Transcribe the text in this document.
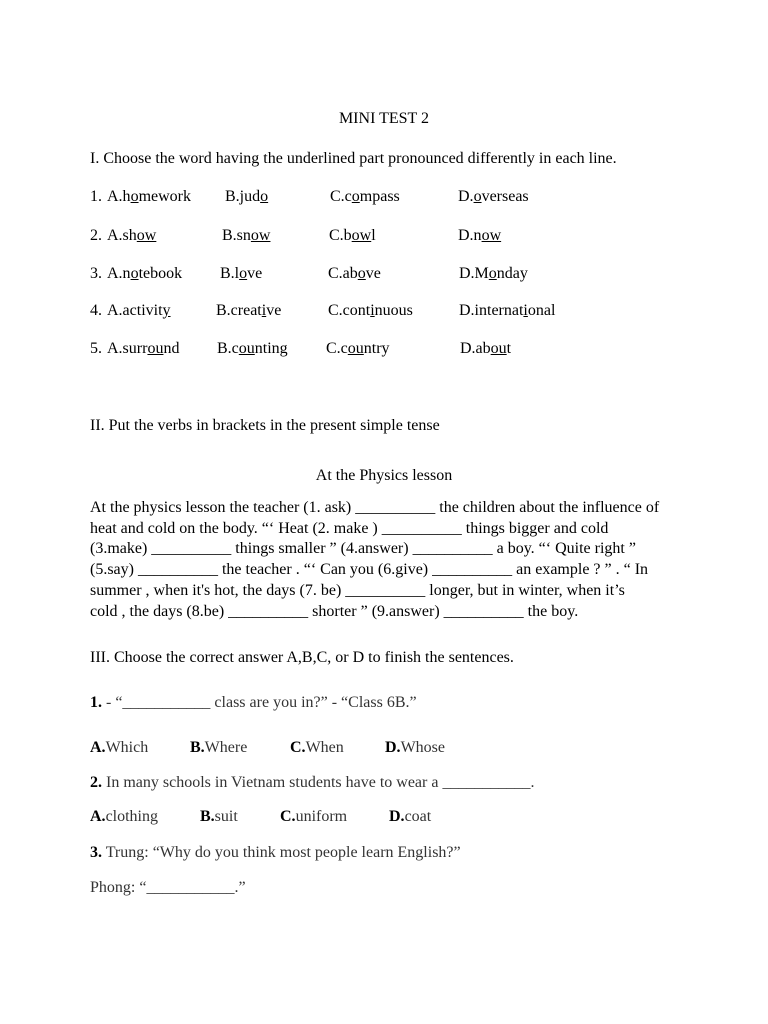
MINI TEST 2
I. Choose the word having the underlined part pronounced differently in each line.
1. A.homework B.judo	C.compass	D.overseas
2. A.show	B.snow	C.bowl	D.now
3. A.notebook B.love	C.above	D.Monday
4. A.activity	B.creative	C.continuous	D.international
5. A.surround B.counting C.country	D.about
II. Put the verbs in brackets in the present simple tense
At the Physics lesson
At the physics lesson the teacher (1. ask) __________ the children about the influence of
heat and cold on the body. “‘ Heat (2. make ) __________ things bigger and cold
(3.make) __________ things smaller ” (4.answer) __________ a boy. “‘ Quite right ”
(5.say) __________ the teacher . “‘ Can you (6.give) __________ an example ? ” . “ In
summer , when it's hot, the days (7. be) __________ longer, but in winter, when it’s
cold , the days (8.be) __________ shorter ” (9.answer) __________ the boy.
III. Choose the correct answer A,B,C, or D to finish the sentences.
1. - “___________ class are you in?” - “Class 6B.”
A.Which	B.Where	C.When	D.Whose
2. In many schools in Vietnam students have to wear a ___________.
A.clothing	B.suit	C.uniform	D.coat
3. Trung: “Why do you think most people learn English?”
Phong: “___________.”
